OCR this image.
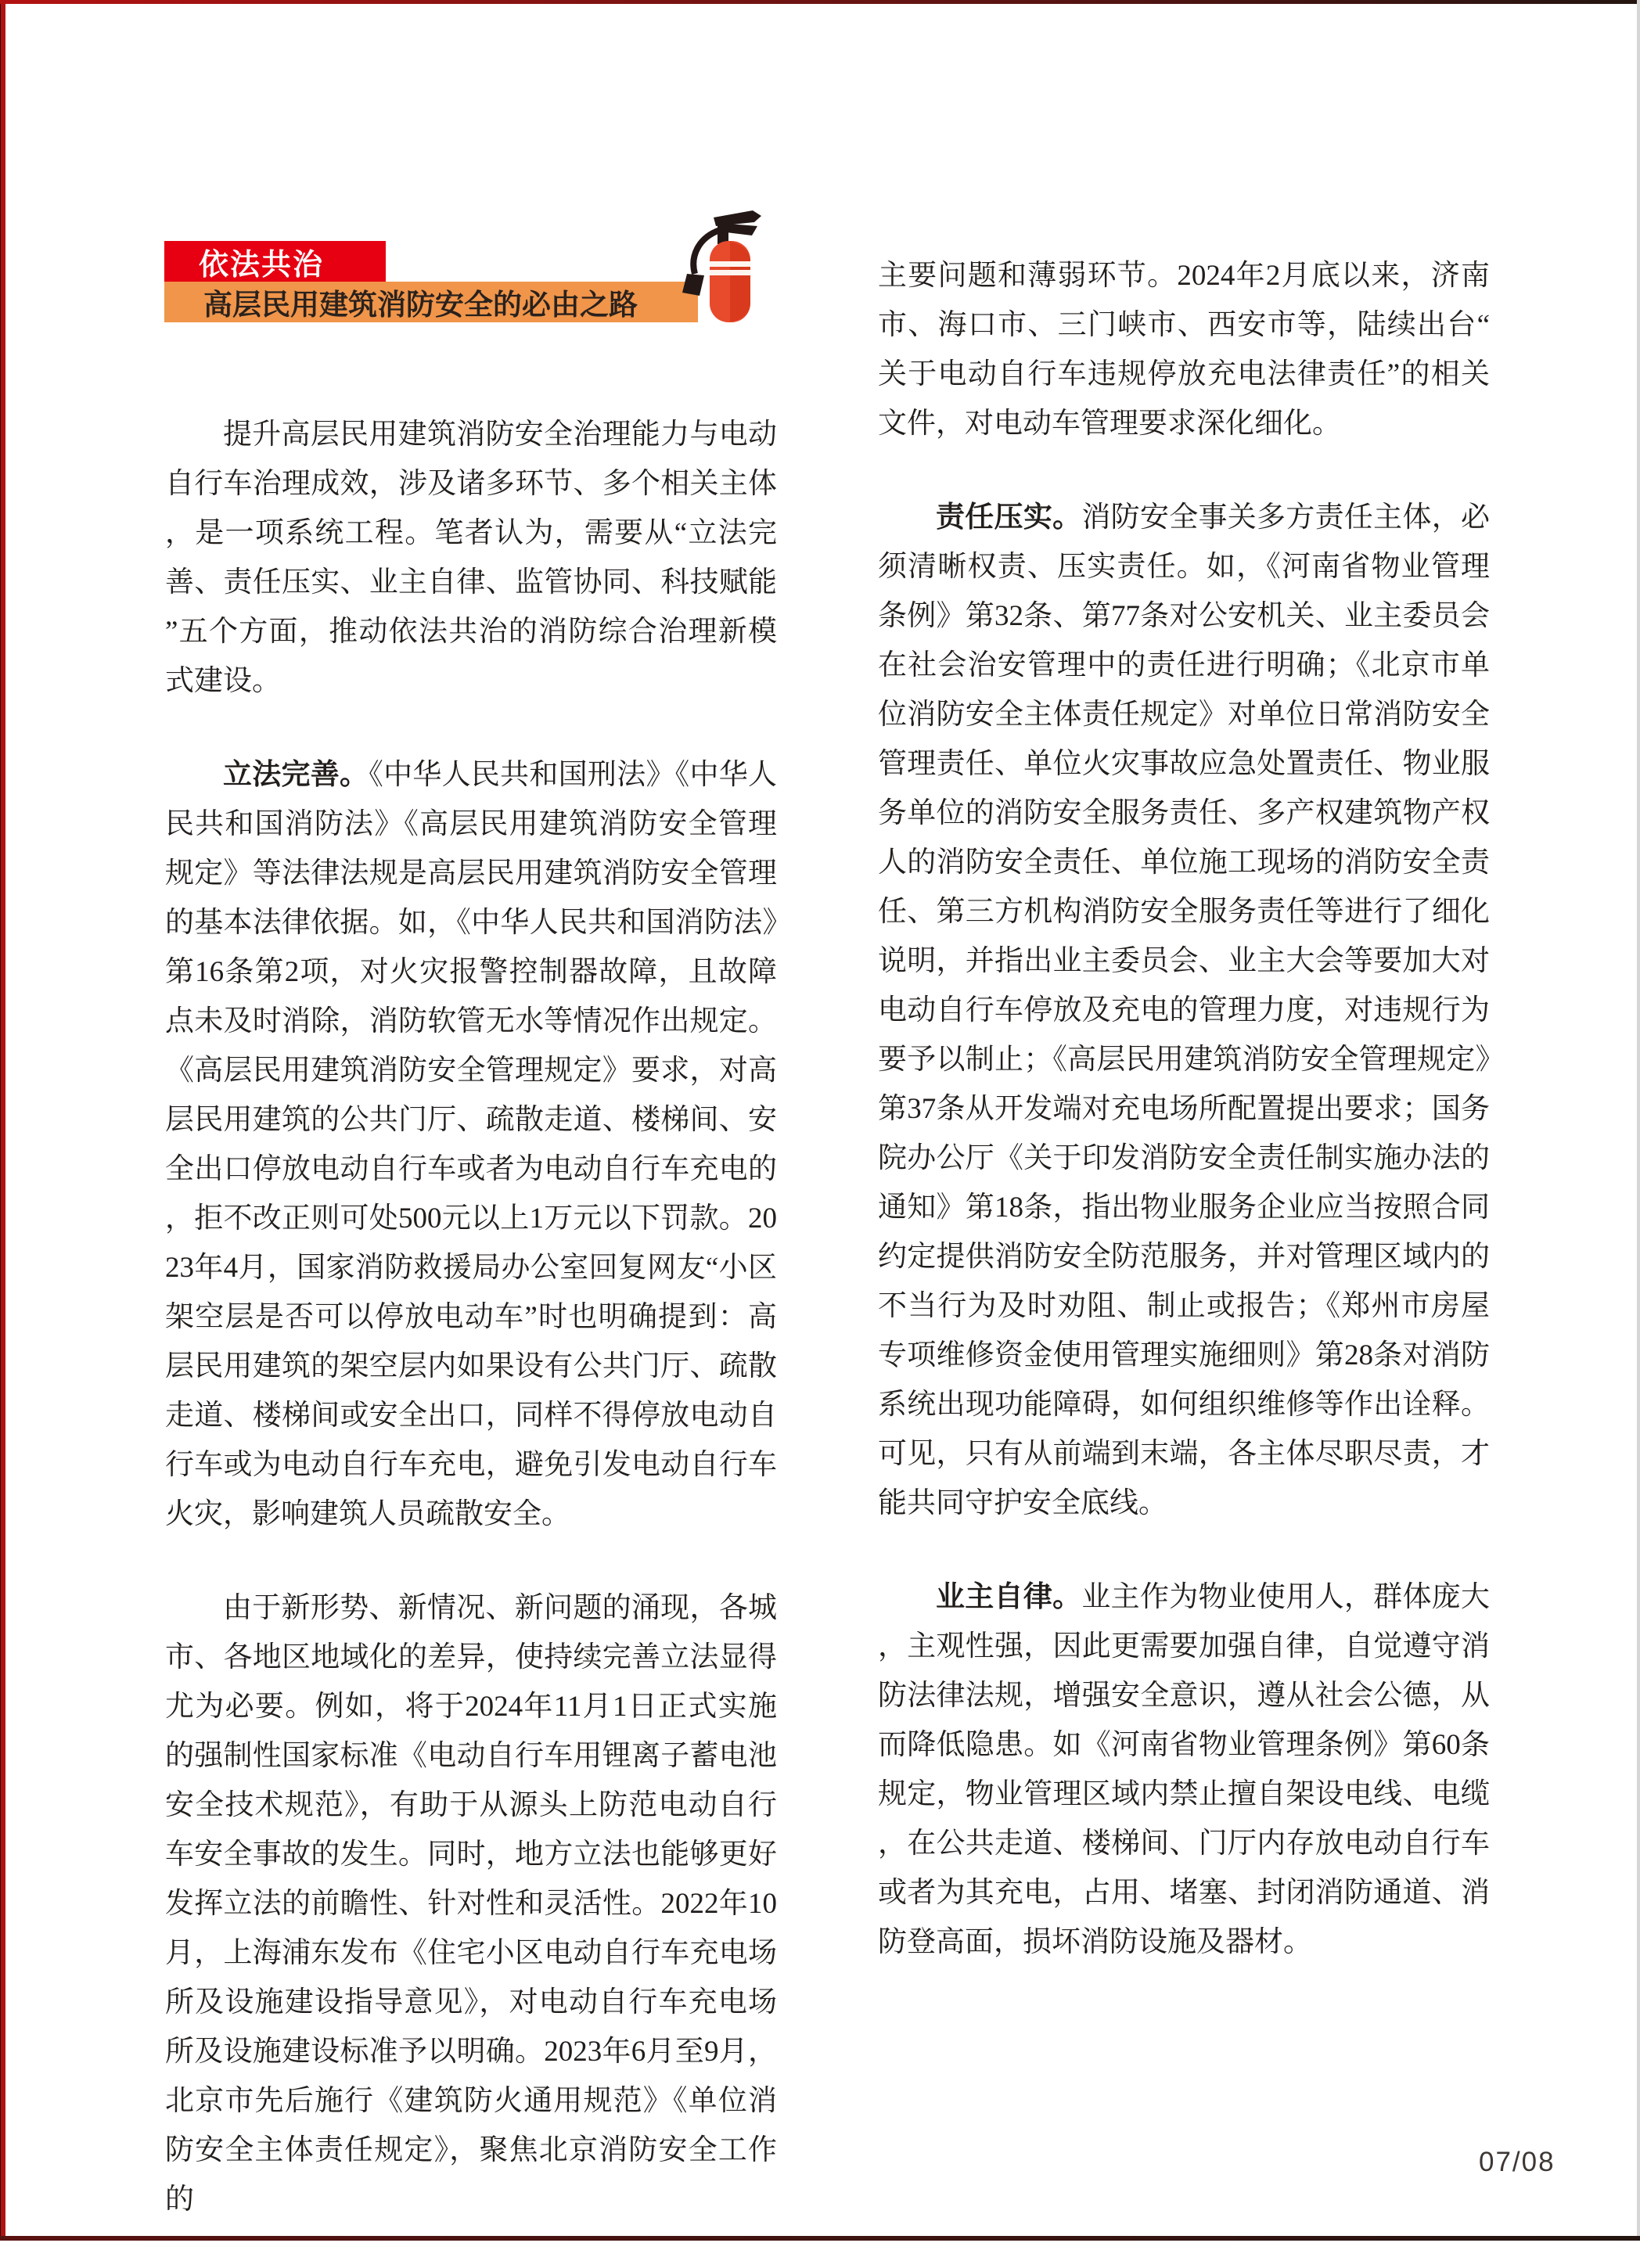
依法共治
高层民用建筑消防安全的必由之路

提升高层民用建筑消防安全治理能力与电动自行车治理成效，涉及诸多环节、多个相关主体，是一项系统工程。笔者认为，需要从“立法完善、责任压实、业主自律、监管协同、科技赋能”五个方面，推动依法共治的消防综合治理新模式建设。

立法完善。《中华人民共和国刑法》《中华人民共和国消防法》《高层民用建筑消防安全管理规定》等法律法规是高层民用建筑消防安全管理的基本法律依据。如，《中华人民共和国消防法》第16条第2项，对火灾报警控制器故障，且故障点未及时消除，消防软管无水等情况作出规定。《高层民用建筑消防安全管理规定》要求，对高层民用建筑的公共门厅、疏散走道、楼梯间、安全出口停放电动自行车或者为电动自行车充电的，拒不改正则可处500元以上1万元以下罚款。2023年4月，国家消防救援局办公室回复网友“小区架空层是否可以停放电动车”时也明确提到：高层民用建筑的架空层内如果设有公共门厅、疏散走道、楼梯间或安全出口，同样不得停放电动自行车或为电动自行车充电，避免引发电动自行车火灾，影响建筑人员疏散安全。

由于新形势、新情况、新问题的涌现，各城市、各地区地域化的差异，使持续完善立法显得尤为必要。例如，将于2024年11月1日正式实施的强制性国家标准《电动自行车用锂离子蓄电池安全技术规范》，有助于从源头上防范电动自行车安全事故的发生。同时，地方立法也能够更好发挥立法的前瞻性、针对性和灵活性。2022年10月，上海浦东发布《住宅小区电动自行车充电场所及设施建设指导意见》，对电动自行车充电场所及设施建设标准予以明确。2023年6月至9月，北京市先后施行《建筑防火通用规范》《单位消防安全主体责任规定》，聚焦北京消防安全工作的

主要问题和薄弱环节。2024年2月底以来，济南市、海口市、三门峡市、西安市等，陆续出台“关于电动自行车违规停放充电法律责任”的相关文件，对电动车管理要求深化细化。

责任压实。消防安全事关多方责任主体，必须清晰权责、压实责任。如，《河南省物业管理条例》第32条、第77条对公安机关、业主委员会在社会治安管理中的责任进行明确；《北京市单位消防安全主体责任规定》对单位日常消防安全管理责任、单位火灾事故应急处置责任、物业服务单位的消防安全服务责任、多产权建筑物产权人的消防安全责任、单位施工现场的消防安全责任、第三方机构消防安全服务责任等进行了细化说明，并指出业主委员会、业主大会等要加大对电动自行车停放及充电的管理力度，对违规行为要予以制止；《高层民用建筑消防安全管理规定》第37条从开发端对充电场所配置提出要求；国务院办公厅《关于印发消防安全责任制实施办法的通知》第18条，指出物业服务企业应当按照合同约定提供消防安全防范服务，并对管理区域内的不当行为及时劝阻、制止或报告；《郑州市房屋专项维修资金使用管理实施细则》第28条对消防系统出现功能障碍，如何组织维修等作出诠释。可见，只有从前端到末端，各主体尽职尽责，才能共同守护安全底线。

业主自律。业主作为物业使用人，群体庞大，主观性强，因此更需要加强自律，自觉遵守消防法律法规，增强安全意识，遵从社会公德，从而降低隐患。如《河南省物业管理条例》第60条规定，物业管理区域内禁止擅自架设电线、电缆，在公共走道、楼梯间、门厅内存放电动自行车或者为其充电，占用、堵塞、封闭消防通道、消防登高面，损坏消防设施及器材。

07/08
